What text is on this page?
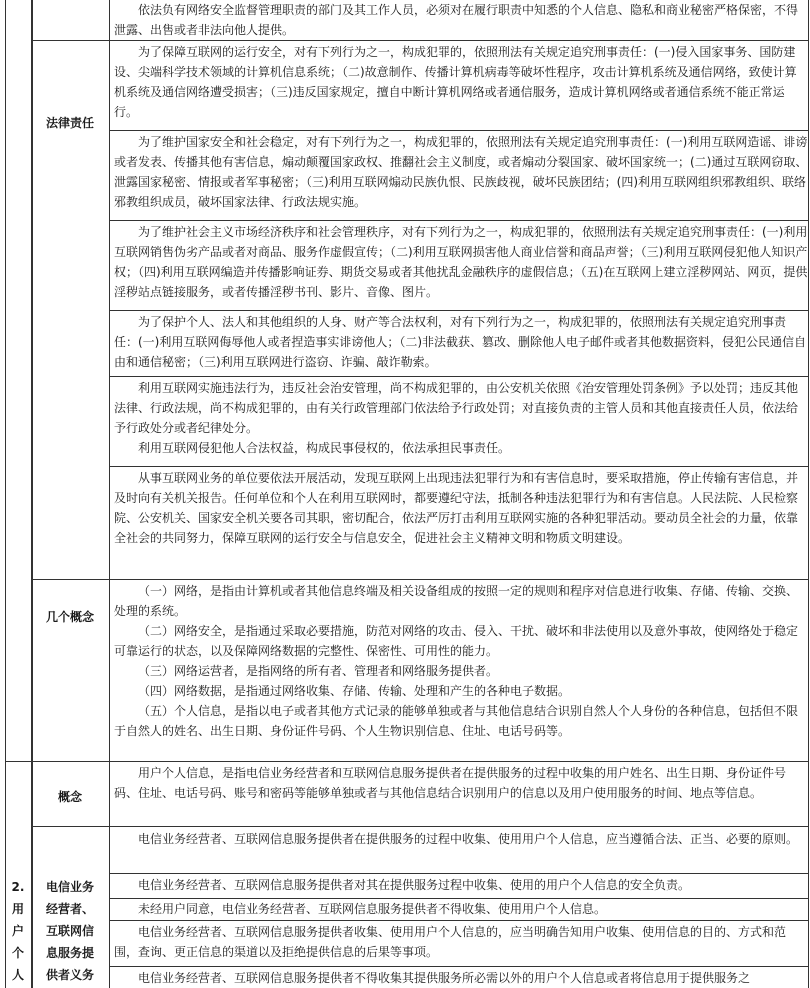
法律责任
几个概念
概念
电信业务
经营者、
互联网信
息服务提
供者义务
2.
用
户
个
人

依法负有网络安全监督管理职责的部门及其工作人员，必须对在履行职责中知悉的个人信息、隐私和商业秘密严格保密，不得泄露、出售或者非法向他人提供。

为了保障互联网的运行安全，对有下列行为之一，构成犯罪的，依照刑法有关规定追究刑事责任：(一)侵入国家事务、国防建设、尖端科学技术领域的计算机信息系统；（二)故意制作、传播计算机病毒等破坏性程序，攻击计算机系统及通信网络，致使计算机系统及通信网络遭受损害；（三)违反国家规定，擅自中断计算机网络或者通信服务，造成计算机网络或者通信系统不能正常运行。

为了维护国家安全和社会稳定，对有下列行为之一，构成犯罪的，依照刑法有关规定追究刑事责任：(一)利用互联网造谣、诽谤或者发表、传播其他有害信息，煽动颠覆国家政权、推翻社会主义制度，或者煽动分裂国家、破坏国家统一；(二)通过互联网窃取、泄露国家秘密、情报或者军事秘密；（三)利用互联网煽动民族仇恨、民族歧视，破坏民族团结；(四)利用互联网组织邪教组织、联络邪教组织成员，破坏国家法律、行政法规实施。

为了维护社会主义市场经济秩序和社会管理秩序，对有下列行为之一，构成犯罪的，依照刑法有关规定追究刑事责任：(一)利用互联网销售伪劣产品或者对商品、服务作虚假宣传；（二)利用互联网损害他人商业信誉和商品声誉；（三)利用互联网侵犯他人知识产权；（四)利用互联网编造并传播影响证券、期货交易或者其他扰乱金融秩序的虚假信息；（五)在互联网上建立淫秽网站、网页，提供淫秽站点链接服务，或者传播淫秽书刊、影片、音像、图片。

为了保护个人、法人和其他组织的人身、财产等合法权利，对有下列行为之一，构成犯罪的，依照刑法有关规定追究刑事责任：(一)利用互联网侮辱他人或者捏造事实诽谤他人；（二)非法截获、篡改、删除他人电子邮件或者其他数据资料，侵犯公民通信自由和通信秘密；（三)利用互联网进行盗窃、诈骗、敲诈勒索。

利用互联网实施违法行为，违反社会治安管理，尚不构成犯罪的，由公安机关依照《治安管理处罚条例》予以处罚；违反其他法律、行政法规，尚不构成犯罪的，由有关行政管理部门依法给予行政处罚；对直接负责的主管人员和其他直接责任人员，依法给予行政处分或者纪律处分。

利用互联网侵犯他人合法权益，构成民事侵权的，依法承担民事责任。

从事互联网业务的单位要依法开展活动，发现互联网上出现违法犯罪行为和有害信息时，要采取措施，停止传输有害信息，并及时向有关机关报告。任何单位和个人在利用互联网时，都要遵纪守法，抵制各种违法犯罪行为和有害信息。人民法院、人民检察院、公安机关、国家安全机关要各司其职，密切配合，依法严厉打击利用互联网实施的各种犯罪活动。要动员全社会的力量，依靠全社会的共同努力，保障互联网的运行安全与信息安全，促进社会主义精神文明和物质文明建设。

（一）网络，是指由计算机或者其他信息终端及相关设备组成的按照一定的规则和程序对信息进行收集、存储、传输、交换、处理的系统。

（二）网络安全，是指通过采取必要措施，防范对网络的攻击、侵入、干扰、破坏和非法使用以及意外事故，使网络处于稳定可靠运行的状态，以及保障网络数据的完整性、保密性、可用性的能力。

（三）网络运营者，是指网络的所有者、管理者和网络服务提供者。

（四）网络数据，是指通过网络收集、存储、传输、处理和产生的各种电子数据。

（五）个人信息，是指以电子或者其他方式记录的能够单独或者与其他信息结合识别自然人个人身份的各种信息，包括但不限于自然人的姓名、出生日期、身份证件号码、个人生物识别信息、住址、电话号码等。

用户个人信息，是指电信业务经营者和互联网信息服务提供者在提供服务的过程中收集的用户姓名、出生日期、身份证件号码、住址、电话号码、账号和密码等能够单独或者与其他信息结合识别用户的信息以及用户使用服务的时间、地点等信息。

电信业务经营者、互联网信息服务提供者在提供服务的过程中收集、使用用户个人信息，应当遵循合法、正当、必要的原则。

电信业务经营者、互联网信息服务提供者对其在提供服务过程中收集、使用的用户个人信息的安全负责。

未经用户同意，电信业务经营者、互联网信息服务提供者不得收集、使用用户个人信息。

电信业务经营者、互联网信息服务提供者收集、使用用户个人信息的，应当明确告知用户收集、使用信息的目的、方式和范围，查询、更正信息的渠道以及拒绝提供信息的后果等事项。

电信业务经营者、互联网信息服务提供者不得收集其提供服务所必需以外的用户个人信息或者将信息用于提供服务之
